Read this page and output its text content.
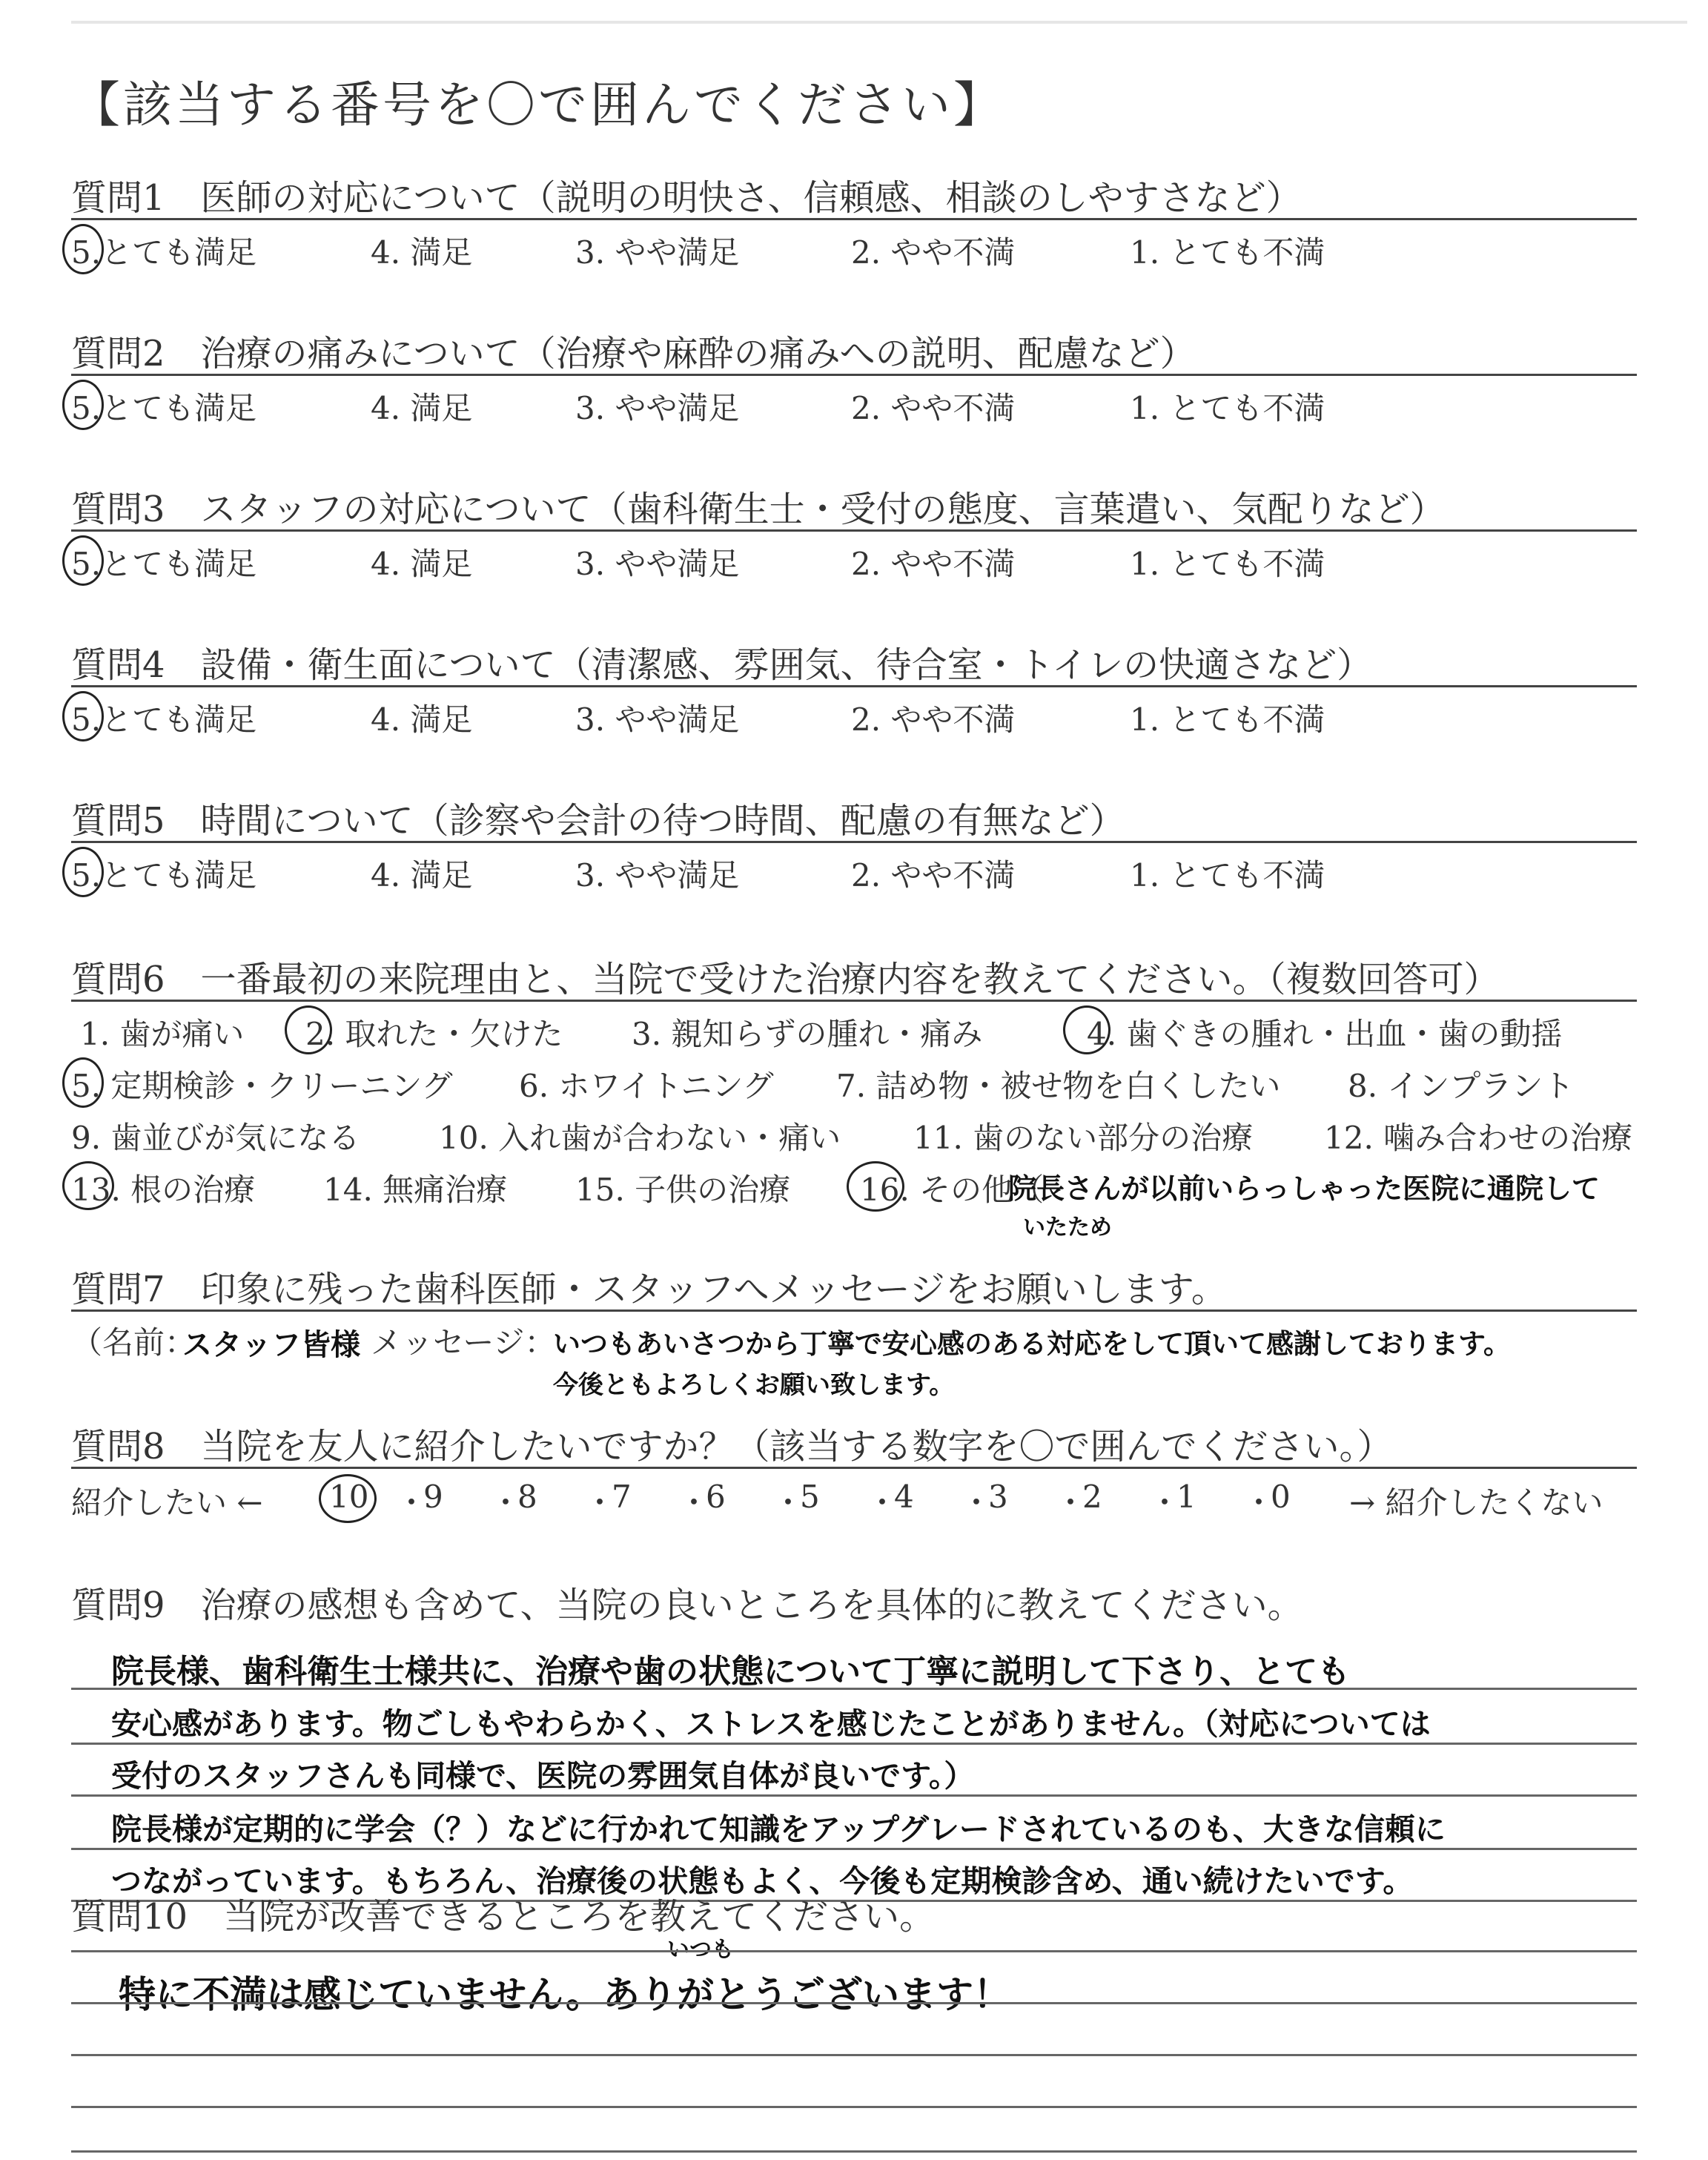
【該当する番号を〇で囲んでください】
質問1　医師の対応について（説明の明快さ、信頼感、相談のしやすさなど）
5.とても満足	4. 満足	3. やや満足	2. やや不満	1. とても不満
質問2　治療の痛みについて（治療や麻酔の痛みへの説明、配慮など）
5.とても満足	4. 満足	3. やや満足	2. やや不満	1. とても不満
質問3　スタッフの対応について（歯科衛生士・受付の態度、言葉遣い、気配りなど）
5.とても満足	4. 満足	3. やや満足	2. やや不満	1. とても不満
質問4　設備・衛生面について（清潔感、雰囲気、待合室・トイレの快適さなど）
5.とても満足	4. 満足	3. やや満足	2. やや不満	1. とても不満
質問5　時間について（診察や会計の待つ時間、配慮の有無など）
5.とても満足	4. 満足	3. やや満足	2. やや不満	1. とても不満
質問6　一番最初の来院理由と、当院で受けた治療内容を教えてください。（複数回答可）
1. 歯が痛い 2. 取れた・欠けた 3. 親知らずの腫れ・痛み	4. 歯ぐきの腫れ・出血・歯の動揺
5. 定期検診・クリーニング 6. ホワイトニング 7. 詰め物・被せ物を白くしたい 8. インプラント
9. 歯並びが気になる	10. 入れ歯が合わない・痛い 11. 歯のない部分の治療 12. 噛み合わせの治療
13. 根の治療 14. 無痛治療 15. 子供の治療 16. その他（
院長さんが以前いらっしゃった医院に通院して
いたため
質問7　印象に残った歯科医師・スタッフへメッセージをお願いします。
（名前：
スタッフ皆様 メッセージ：
いつもあいさつから丁寧で安心感のある対応をして頂いて感謝しております。
今後ともよろしくお願い致します。
質問8　当院を友人に紹介したいですか？（該当する数字を〇で囲んでください。）
紹介したい ← 10 ・
9 ・
8 ・
7 ・
6 ・
5 ・
4 ・
3 ・
2 ・
1 ・
0 → 紹介したくない
質問9　治療の感想も含めて、当院の良いところを具体的に教えてください。
院長様、歯科衛生士様共に、治療や歯の状態について丁寧に説明して下さり、とても
安心感があります。物ごしもやわらかく、ストレスを感じたことがありません。（対応については
受付のスタッフさんも同様で、医院の雰囲気自体が良いです。）
院長様が定期的に学会（？）などに行かれて知識をアップグレードされているのも、大きな信頼に
つながっています。もちろん、治療後の状態もよく、今後も定期検診含め、通い続けたいです。
質問10　当院が改善できるところを教えてください。
いつも
特に不満は感じていません。ありがとうございます！
